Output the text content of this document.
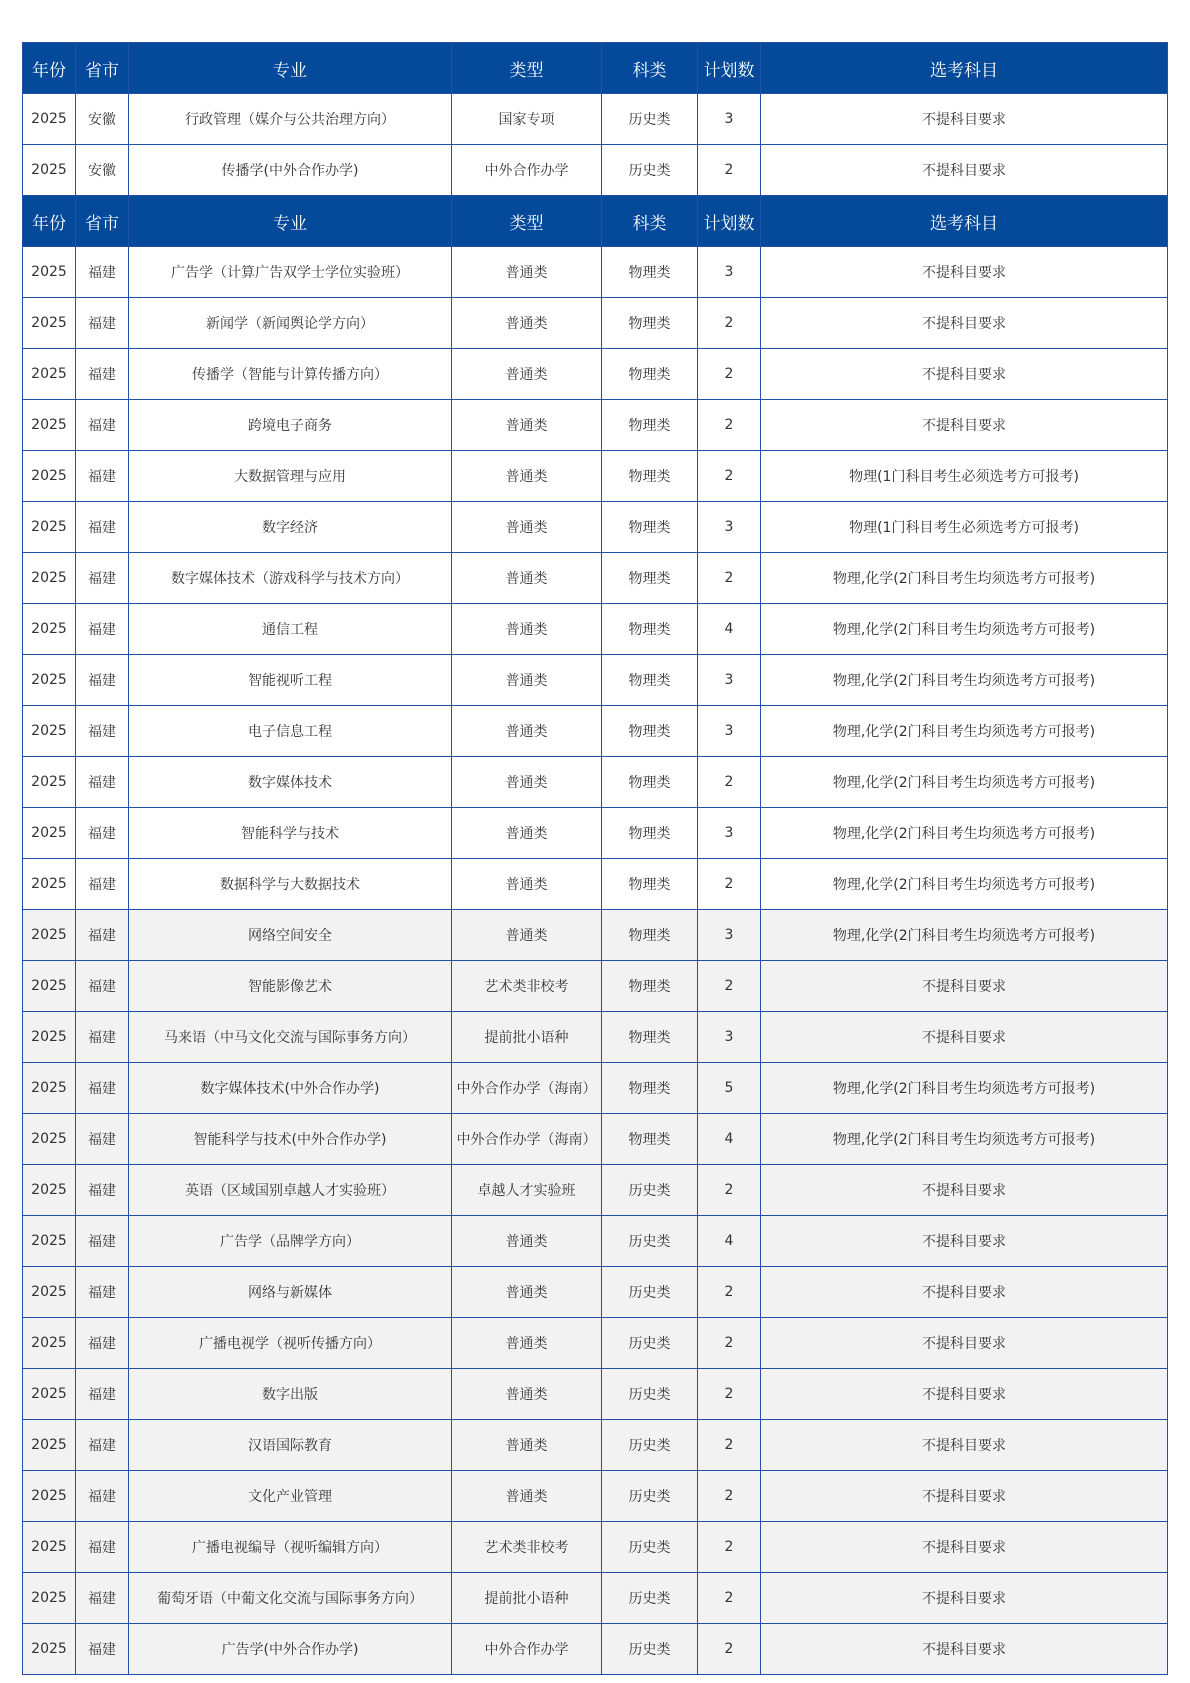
年份	省市	专业	类型	科类	计划数	选考科目
2025	安徽	行政管理（媒介与公共治理方向）	国家专项	历史类	3	不提科目要求
2025	安徽	传播学(中外合作办学)	中外合作办学	历史类	2	不提科目要求
年份	省市	专业	类型	科类	计划数	选考科目
2025	福建	广告学（计算广告双学士学位实验班）	普通类	物理类	3	不提科目要求
2025	福建	新闻学（新闻舆论学方向）	普通类	物理类	2	不提科目要求
2025	福建	传播学（智能与计算传播方向）	普通类	物理类	2	不提科目要求
2025	福建	跨境电子商务	普通类	物理类	2	不提科目要求
2025	福建	大数据管理与应用	普通类	物理类	2	物理(1门科目考生必须选考方可报考)
2025	福建	数字经济	普通类	物理类	3	物理(1门科目考生必须选考方可报考)
2025	福建	数字媒体技术（游戏科学与技术方向）	普通类	物理类	2	物理,化学(2门科目考生均须选考方可报考)
2025	福建	通信工程	普通类	物理类	4	物理,化学(2门科目考生均须选考方可报考)
2025	福建	智能视听工程	普通类	物理类	3	物理,化学(2门科目考生均须选考方可报考)
2025	福建	电子信息工程	普通类	物理类	3	物理,化学(2门科目考生均须选考方可报考)
2025	福建	数字媒体技术	普通类	物理类	2	物理,化学(2门科目考生均须选考方可报考)
2025	福建	智能科学与技术	普通类	物理类	3	物理,化学(2门科目考生均须选考方可报考)
2025	福建	数据科学与大数据技术	普通类	物理类	2	物理,化学(2门科目考生均须选考方可报考)
2025	福建	网络空间安全	普通类	物理类	3	物理,化学(2门科目考生均须选考方可报考)
2025	福建	智能影像艺术	艺术类非校考	物理类	2	不提科目要求
2025	福建	马来语（中马文化交流与国际事务方向）	提前批小语种	物理类	3	不提科目要求
2025	福建	数字媒体技术(中外合作办学)	中外合作办学（海南）	物理类	5	物理,化学(2门科目考生均须选考方可报考)
2025	福建	智能科学与技术(中外合作办学)	中外合作办学（海南）	物理类	4	物理,化学(2门科目考生均须选考方可报考)
2025	福建	英语（区域国别卓越人才实验班）	卓越人才实验班	历史类	2	不提科目要求
2025	福建	广告学（品牌学方向）	普通类	历史类	4	不提科目要求
2025	福建	网络与新媒体	普通类	历史类	2	不提科目要求
2025	福建	广播电视学（视听传播方向）	普通类	历史类	2	不提科目要求
2025	福建	数字出版	普通类	历史类	2	不提科目要求
2025	福建	汉语国际教育	普通类	历史类	2	不提科目要求
2025	福建	文化产业管理	普通类	历史类	2	不提科目要求
2025	福建	广播电视编导（视听编辑方向）	艺术类非校考	历史类	2	不提科目要求
2025	福建	葡萄牙语（中葡文化交流与国际事务方向）	提前批小语种	历史类	2	不提科目要求
2025	福建	广告学(中外合作办学)	中外合作办学	历史类	2	不提科目要求
